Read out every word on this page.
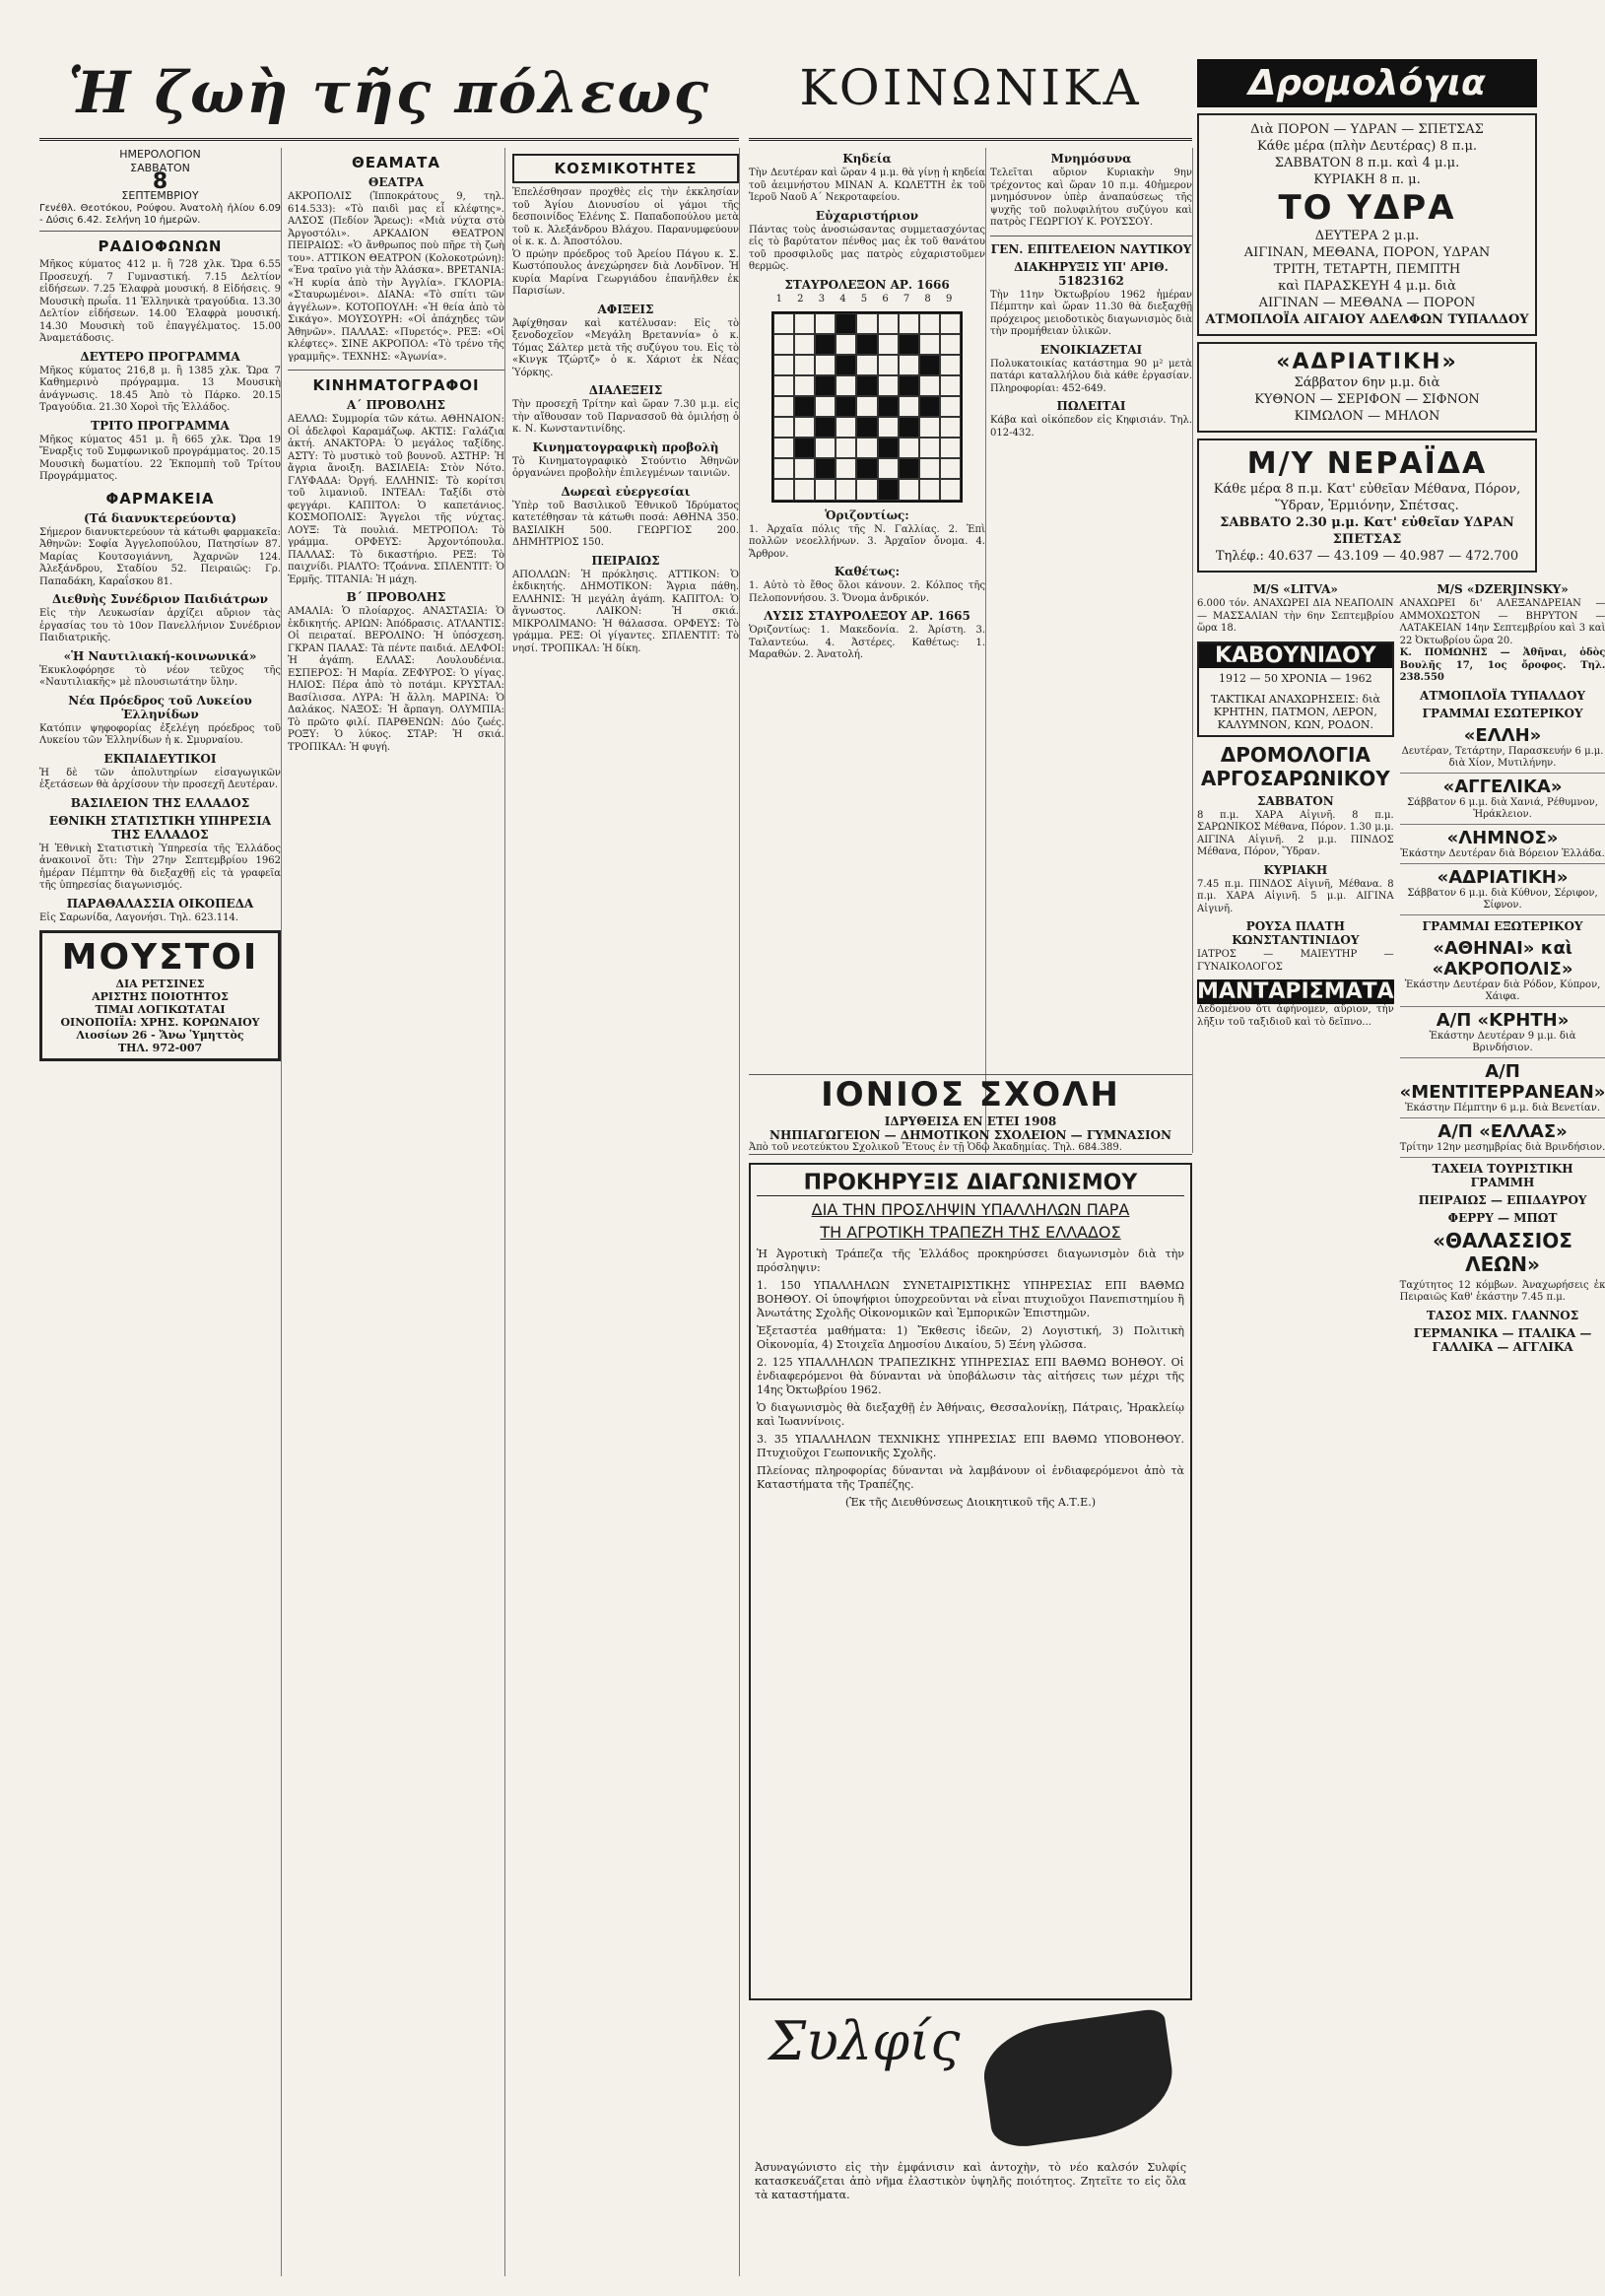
Ἡ ζωὴ τῆς πόλεως	ΚΟΙΝΩΝΙΚΑ
ΗΜΕΡΟΛΟΓΙΟΝ
ΣΑΒΒΑΤΟΝ
8
ΣΕΠΤΕΜΒΡΙΟΥ
Γενέθλ. Θεοτόκου, Ρούφου. Ἀνατολὴ ἡλίου 6.09 - Δύσις 6.42. Σελήνη 10 ἡμερῶν.
ΡΑΔΙΟΦΩΝΩΝ

Μῆκος κύματος 412 μ. ἢ 728 χλκ. Ὥρα 6.55 Προσευχή. 7 Γυμναστική. 7.15 Δελτίον εἰδήσεων. 7.25 Ἐλαφρὰ μουσική. 8 Εἰδήσεις. 9 Μουσικὴ πρωΐα. 11 Ἑλληνικὰ τραγούδια. 13.30 Δελτίον εἰδήσεων. 14.00 Ἐλαφρὰ μουσική. 14.30 Μουσικὴ τοῦ ἐπαγγέλματος. 15.00 Ἀναμετάδοσις.

ΔΕΥΤΕΡΟ ΠΡΟΓΡΑΜΜΑ

Μῆκος κύματος 216,8 μ. ἢ 1385 χλκ. Ὥρα 7 Καθημερινὸ πρόγραμμα. 13 Μουσικὴ ἀνάγνωσις. 18.45 Ἀπὸ τὸ Πάρκο. 20.15 Τραγούδια. 21.30 Χοροὶ τῆς Ἑλλάδος.

ΤΡΙΤΟ ΠΡΟΓΡΑΜΜΑ

Μῆκος κύματος 451 μ. ἢ 665 χλκ. Ὥρα 19 Ἔναρξις τοῦ Συμφωνικοῦ προγράμματος. 20.15 Μουσικὴ δωματίου. 22 Ἐκπομπὴ τοῦ Τρίτου Προγράμματος.

ΦΑΡΜΑΚΕΙΑ
(Τά διανυκτερεύοντα)

Σήμερον διανυκτερεύουν τὰ κάτωθι φαρμακεῖα: Ἀθηνῶν: Σοφία Ἀγγελοπούλου, Πατησίων 87. Μαρίας Κουτσογιάννη, Ἀχαρνῶν 124. Ἀλεξάνδρου, Σταδίου 52. Πειραιῶς: Γρ. Παπαδάκη, Καραΐσκου 81.

Διεθνὴς Συνέδριον Παιδιάτρων

Εἰς τὴν Λευκωσίαν ἀρχίζει αὔριον τὰς ἐργασίας του τὸ 10ον Πανελλήνιον Συνέδριον Παιδιατρικῆς.

«Ἡ Ναυτιλιακή-κοινωνικά»

Ἐκυκλοφόρησε τὸ νέον τεῦχος τῆς «Ναυτιλιακῆς» μὲ πλουσιωτάτην ὕλην.

Νέα Πρόεδρος τοῦ Λυκείου Ἑλληνίδων

Κατόπιν ψηφοφορίας ἐξελέγη πρόεδρος τοῦ Λυκείου τῶν Ἑλληνίδων ἡ κ. Σμυρναίου.

ΕΚΠΑΙΔΕΥΤΙΚΟΙ

Ἡ δὲ τῶν ἀπολυτηρίων εἰσαγωγικῶν ἐξετάσεων θὰ ἀρχίσουν τὴν προσεχῆ Δευτέραν.

ΒΑΣΙΛΕΙΟΝ ΤΗΣ ΕΛΛΑΔΟΣ
ΕΘΝΙΚΗ ΣΤΑΤΙΣΤΙΚΗ ΥΠΗΡΕΣΙΑ ΤΗΣ ΕΛΛΑΔΟΣ

Ἡ Ἐθνικὴ Στατιστικὴ Ὑπηρεσία τῆς Ἑλλάδος ἀνακοινοῖ ὅτι: Τὴν 27ην Σεπτεμβρίου 1962 ἡμέραν Πέμπτην θὰ διεξαχθῇ εἰς τὰ γραφεῖα τῆς ὑπηρεσίας διαγωνισμός.

ΠΑΡΑΘΑΛΑΣΣΙΑ ΟΙΚΟΠΕΔΑ

Εἰς Σαρωνίδα, Λαγονήσι. Τηλ. 623.114.

ΜΟΥΣΤΟΙ
ΔΙΑ ΡΕΤΣΙΝΕΣ
ΑΡΙΣΤΗΣ ΠΟΙΟΤΗΤΟΣ
ΤΙΜΑΙ ΛΟΓΙΚΩΤΑΤΑΙ
ΟΙΝΟΠΟΙΪΑ: ΧΡΗΣ. ΚΟΡΩΝΑΙΟΥ
Λιοσίων 26 - Ἄνω Ὑμηττὸς
ΤΗΛ. 972-007
ΘΕΑΜΑΤΑ
ΘΕΑΤΡΑ

ΑΚΡΟΠΟΛΙΣ (Ἱπποκράτους 9, τηλ. 614.533): «Τὸ παιδὶ μας εἶ κλέφτης». ΑΛΣΟΣ (Πεδίον Ἄρεως): «Μιὰ νύχτα στὸ Ἀργοστόλι». ΑΡΚΑΔΙΟΝ ΘΕΑΤΡΟΝ ΠΕΙΡΑΙΩΣ: «Ὁ ἄνθρωπος ποὺ πῆρε τὴ ζωὴ του». ΑΤΤΙΚΟΝ ΘΕΑΤΡΟΝ (Κολοκοτρώνη): «Ἐνα τραῖνο γιὰ τὴν Ἀλάσκα». ΒΡΕΤΑΝΙΑ: «Ἡ κυρία ἀπὸ τὴν Ἀγγλία». ΓΚΛΟΡΙΑ: «Σταυρωμένοι». ΔΙΑΝΑ: «Τὸ σπίτι τῶν ἀγγέλων». ΚΟΤΟΠΟΥΛΗ: «Ἡ θεία ἀπὸ τὸ Σικάγο». ΜΟΥΣΟΥΡΗ: «Οἱ ἀπάχηδες τῶν Ἀθηνῶν». ΠΑΛΛΑΣ: «Πυρετός». ΡΕΞ: «Οἱ κλέφτες». ΣΙΝΕ ΑΚΡΟΠΟΛ: «Τὸ τρένο τῆς γραμμῆς». ΤΕΧΝΗΣ: «Ἀγωνία».

ΚΙΝΗΜΑΤΟΓΡΑΦΟΙ
Α΄ ΠΡΟΒΟΛΗΣ

ΑΕΛΛΩ: Συμμορία τῶν κάτω. ΑΘΗΝΑΙΟΝ: Οἱ ἀδελφοὶ Καραμάζωφ. ΑΚΤΙΣ: Γαλάζια ἀκτή. ΑΝΑΚΤΟΡΑ: Ὁ μεγάλος ταξίδης. ΑΣΤΥ: Τὸ μυστικὸ τοῦ βουνοῦ. ΑΣΤΗΡ: Ἡ ἄγρια ἄνοιξη. ΒΑΣΙΛΕΙΑ: Στὸν Νότο. ΓΛΥΦΑΔΑ: Ὀργή. ΕΛΛΗΝΙΣ: Τὸ κορίτσι τοῦ λιμανιοῦ. ΙΝΤΕΑΛ: Ταξίδι στὸ φεγγάρι. ΚΑΠΙΤΟΛ: Ὁ καπετάνιος. ΚΟΣΜΟΠΟΛΙΣ: Ἄγγελοι τῆς νύχτας. ΛΟΥΞ: Τὰ πουλιά. ΜΕΤΡΟΠΟΛ: Τὸ γράμμα. ΟΡΦΕΥΣ: Ἀρχοντόπουλα. ΠΑΛΛΑΣ: Τὸ δικαστήριο. ΡΕΞ: Τὸ παιχνίδι. ΡΙΑΛΤΟ: Τζοάννα. ΣΠΛΕΝΤΙΤ: Ὁ Ἑρμῆς. ΤΙΤΑΝΙΑ: Ἡ μάχη.

Β΄ ΠΡΟΒΟΛΗΣ

ΑΜΑΛΙΑ: Ὁ πλοίαρχος. ΑΝΑΣΤΑΣΙΑ: Ὁ ἐκδικητής. ΑΡΙΩΝ: Ἀπόδρασις. ΑΤΛΑΝΤΙΣ: Οἱ πειραταί. ΒΕΡΟΛΙΝΟ: Ἡ ὑπόσχεση. ΓΚΡΑΝ ΠΑΛΑΣ: Τὰ πέντε παιδιά. ΔΕΛΦΟΙ: Ἡ ἀγάπη. ΕΛΛΑΣ: Λουλουδένια. ΕΣΠΕΡΟΣ: Ἡ Μαρία. ΖΕΦΥΡΟΣ: Ὁ γίγας. ΗΛΙΟΣ: Πέρα ἀπὸ τὸ ποτάμι. ΚΡΥΣΤΑΛ: Βασίλισσα. ΛΥΡΑ: Ἡ ἄλλη. ΜΑΡΙΝΑ: Ὁ Δαλάκος. ΝΑΞΟΣ: Ἡ ἄρπαγη. ΟΛΥΜΠΙΑ: Τὸ πρῶτο φιλί. ΠΑΡΘΕΝΩΝ: Δύο ζωές. ΡΟΞΥ: Ὁ λύκος. ΣΤΑΡ: Ἡ σκιά. ΤΡΟΠΙΚΑΛ: Ἡ φυγή.

ΚΟΣΜΙΚΟΤΗΤΕΣ

Ἐπελέσθησαν προχθὲς εἰς τὴν ἐκκλησίαν τοῦ Ἁγίου Διονυσίου οἱ γάμοι τῆς δεσποινίδος Ἑλένης Σ. Παπαδοπούλου μετὰ τοῦ κ. Ἀλεξάνδρου Βλάχου. Παρανυμφεύουν οἱ κ. κ. Δ. Ἀποστόλου.

Ὁ πρώην πρόεδρος τοῦ Ἀρείου Πάγου κ. Σ. Κωστόπουλος ἀνεχώρησεν διὰ Λονδῖνον. Ἡ κυρία Μαρίνα Γεωργιάδου ἐπανῆλθεν ἐκ Παρισίων.

ΑΦΙΞΕΙΣ

Ἀφίχθησαν καὶ κατέλυσαν: Εἰς τὸ ξενοδοχεῖον «Μεγάλη Βρεταννία» ὁ κ. Τόμας Σάλτερ μετὰ τῆς συζύγου του. Εἰς τὸ «Κινγκ Τζώρτζ» ὁ κ. Χάριοτ ἐκ Νέας Ὑόρκης.

ΔΙΑΛΕΞΕΙΣ

Τὴν προσεχῆ Τρίτην καὶ ὥραν 7.30 μ.μ. εἰς τὴν αἴθουσαν τοῦ Παρνασσοῦ θὰ ὁμιλήσῃ ὁ κ. Ν. Κωνσταντινίδης.

Κινηματογραφικὴ προβολὴ

Τὸ Κινηματογραφικὸ Στούντιο Ἀθηνῶν ὀργανώνει προβολὴν ἐπιλεγμένων ταινιῶν.

Δωρεαὶ εὐεργεσίαι

Ὑπὲρ τοῦ Βασιλικοῦ Ἐθνικοῦ Ἱδρύματος κατετέθησαν τὰ κάτωθι ποσά: ΑΘΗΝΑ 350. ΒΑΣΙΛΙΚΗ 500. ΓΕΩΡΓΙΟΣ 200. ΔΗΜΗΤΡΙΟΣ 150.

ΠΕΙΡΑΙΩΣ

ΑΠΟΛΛΩΝ: Ἡ πρόκλησις. ΑΤΤΙΚΟΝ: Ὁ ἐκδικητής. ΔΗΜΟΤΙΚΟΝ: Ἄγρια πάθη. ΕΛΛΗΝΙΣ: Ἡ μεγάλη ἀγάπη. ΚΑΠΙΤΟΛ: Ὁ ἄγνωστος. ΛΑΙΚΟΝ: Ἡ σκιά. ΜΙΚΡΟΛΙΜΑΝΟ: Ἡ θάλασσα. ΟΡΦΕΥΣ: Τὸ γράμμα. ΡΕΞ: Οἱ γίγαντες. ΣΠΛΕΝΤΙΤ: Τὸ νησί. ΤΡΟΠΙΚΑΛ: Ἡ δίκη.

Κηδεία

Τὴν Δευτέραν καὶ ὥραν 4 μ.μ. θὰ γίνῃ ἡ κηδεία τοῦ ἀειμνήστου ΜΙΝΑΝ Α. ΚΩΛΕΤΤΗ ἐκ τοῦ Ἱεροῦ Ναοῦ Α΄ Νεκροταφείου.

Εὐχαριστήριον

Πάντας τοὺς ἀνοσιώσαντας συμμετασχόντας εἰς τὸ βαρύτατον πένθος μας ἐκ τοῦ θανάτου τοῦ προσφιλοῦς μας πατρὸς εὐχαριστοῦμεν θερμῶς.

ΣΤΑΥΡΟΛΕΞΟΝ ΑΡ. 1666
1 2 3 4 5 6 7 8 9
Ὁριζοντίως:

1. Ἀρχαῖα πόλις τῆς Ν. Γαλλίας. 2. Ἐπὶ πολλῶν νεοελλήνων. 3. Ἀρχαῖον ὄνομα. 4. Ἄρθρον.

Καθέτως:

1. Αὐτὸ τὸ ἔθος ὅλοι κάνουν. 2. Κόλπος τῆς Πελοποννήσου. 3. Ὄνομα ἀνδρικόν.

ΛΥΣΙΣ ΣΤΑΥΡΟΛΕΞΟΥ ΑΡ. 1665

Ὁριζοντίως: 1. Μακεδονία. 2. Ἀρίστη. 3. Ταλαντεύω. 4. Ἀστέρες. Καθέτως: 1. Μαραθών. 2. Ἀνατολή.

Μνημόσυνα

Τελεῖται αὔριον Κυριακὴν 9ην τρέχοντος καὶ ὥραν 10 π.μ. 40ἡμερον μνημόσυνον ὑπὲρ ἀναπαύσεως τῆς ψυχῆς τοῦ πολυφιλήτου συζύγου καὶ πατρὸς ΓΕΩΡΓΙΟΥ Κ. ΡΟΥΣΣΟΥ.

ΓΕΝ. ΕΠΙΤΕΛΕΙΟΝ ΝΑΥΤΙΚΟΥ
ΔΙΑΚΗΡΥΞΙΣ ΥΠ' ΑΡΙΘ. 51823162

Τὴν 11ην Ὀκτωβρίου 1962 ἡμέραν Πέμπτην καὶ ὥραν 11.30 θὰ διεξαχθῇ πρόχειρος μειοδοτικὸς διαγωνισμὸς διὰ τὴν προμήθειαν ὑλικῶν.

ΕΝΟΙΚΙΑΖΕΤΑΙ

Πολυκατοικίας κατάστημα 90 μ² μετὰ πατάρι καταλλήλου διὰ κάθε ἐργασίαν. Πληροφορίαι: 452-649.

ΠΩΛΕΙΤΑΙ

Κάβα καὶ οἰκόπεδον εἰς Κηφισιάν. Τηλ. 012-432.

ΙΟΝΙΟΣ ΣΧΟΛΗ
ΙΔΡΥΘΕΙΣΑ ΕΝ ΕΤΕΙ 1908
ΝΗΠΙΑΓΩΓΕΙΟΝ — ΔΗΜΟΤΙΚΟΝ ΣΧΟΛΕΙΟΝ — ΓΥΜΝΑΣΙΟΝ
Ἀπὸ τοῦ νεοτεύκτου Σχολικοῦ Ἔτους ἐν τῇ Ὁδῷ Ἀκαδημίας. Τηλ. 684.389.
ΠΡΟΚΗΡΥΞΙΣ ΔΙΑΓΩΝΙΣΜΟΥ
ΔΙΑ ΤΗΝ ΠΡΟΣΛΗΨΙΝ ΥΠΑΛΛΗΛΩΝ ΠΑΡΑ
ΤΗ ΑΓΡΟΤΙΚΗ ΤΡΑΠΕΖΗ ΤΗΣ ΕΛΛΑΔΟΣ

Ἡ Ἀγροτικὴ Τράπεζα τῆς Ἑλλάδος προκηρύσσει διαγωνισμὸν διὰ τὴν πρόσληψιν:

1. 150 ΥΠΑΛΛΗΛΩΝ ΣΥΝΕΤΑΙΡΙΣΤΙΚΗΣ ΥΠΗΡΕΣΙΑΣ ΕΠΙ ΒΑΘΜΩ ΒΟΗΘΟΥ. Οἱ ὑποψήφιοι ὑποχρεοῦνται νὰ εἶναι πτυχιοῦχοι Πανεπιστημίου ἢ Ἀνωτάτης Σχολῆς Οἰκονομικῶν καὶ Ἐμπορικῶν Ἐπιστημῶν.

Ἐξεταστέα μαθήματα: 1) Ἔκθεσις ἰδεῶν, 2) Λογιστική, 3) Πολιτικὴ Οἰκονομία, 4) Στοιχεῖα Δημοσίου Δικαίου, 5) Ξένη γλῶσσα.

2. 125 ΥΠΑΛΛΗΛΩΝ ΤΡΑΠΕΖΙΚΗΣ ΥΠΗΡΕΣΙΑΣ ΕΠΙ ΒΑΘΜΩ ΒΟΗΘΟΥ. Οἱ ἐνδιαφερόμενοι θὰ δύνανται νὰ ὑποβάλωσιν τὰς αἰτήσεις των μέχρι τῆς 14ης Ὀκτωβρίου 1962.

Ὁ διαγωνισμὸς θὰ διεξαχθῇ ἐν Ἀθήναις, Θεσσαλονίκῃ, Πάτραις, Ἡρακλείῳ καὶ Ἰωαννίνοις.

3. 35 ΥΠΑΛΛΗΛΩΝ ΤΕΧΝΙΚΗΣ ΥΠΗΡΕΣΙΑΣ ΕΠΙ ΒΑΘΜΩ ΥΠΟΒΟΗΘΟΥ. Πτυχιοῦχοι Γεωπονικῆς Σχολῆς.

Πλείονας πληροφορίας δύνανται νὰ λαμβάνουν οἱ ἐνδιαφερόμενοι ἀπὸ τὰ Καταστήματα τῆς Τραπέζης.

(Ἐκ τῆς Διευθύνσεως Διοικητικοῦ τῆς Α.Τ.Ε.)

Συλφίς

Ἀσυναγώνιστο εἰς τὴν ἐμφάνισιν καὶ ἀντοχὴν, τὸ νέο καλσόν Συλφίς κατασκευάζεται ἀπὸ νῆμα ἐλαστικὸν ὑψηλῆς ποιότητος. Ζητεῖτε το εἰς ὅλα τὰ καταστήματα.

Δρομολόγια
Διὰ ΠΟΡΟΝ — ΥΔΡΑΝ — ΣΠΕΤΣΑΣ
Κάθε μέρα (πλὴν Δευτέρας) 8 π.μ.
ΣΑΒΒΑΤΟΝ 8 π.μ. καὶ 4 μ.μ.
ΚΥΡΙΑΚΗ 8 π. μ.
ΤΟ ΥΔΡΑ
ΔΕΥΤΕΡΑ 2 μ.μ.
ΑΙΓΙΝΑΝ, ΜΕΘΑΝΑ, ΠΟΡΟΝ, ΥΔΡΑΝ
ΤΡΙΤΗ, ΤΕΤΑΡΤΗ, ΠΕΜΠΤΗ
καὶ ΠΑΡΑΣΚΕΥΗ 4 μ.μ. διὰ
ΑΙΓΙΝΑΝ — ΜΕΘΑΝΑ — ΠΟΡΟΝ
ΑΤΜΟΠΛΟΪΑ ΑΙΓΑΙΟΥ ΑΔΕΛΦΩΝ ΤΥΠΑΛΔΟΥ
«ΑΔΡΙΑΤΙΚΗ»
Σάββατον 6ην μ.μ. διὰ
ΚΥΘΝΟΝ — ΣΕΡΙΦΟΝ — ΣΙΦΝΟΝ
ΚΙΜΩΛΟΝ — ΜΗΛΟΝ
Μ/Υ ΝΕΡΑΪΔΑ
Κάθε μέρα 8 π.μ. Κατ' εὐθεῖαν Μέθανα, Πόρον, Ὕδραν, Ἑρμιόνην, Σπέτσας.
ΣΑΒΒΑΤΟ 2.30 μ.μ. Κατ' εὐθεῖαν ΥΔΡΑΝ ΣΠΕΤΣΑΣ
Τηλέφ.: 40.637 — 43.109 — 40.987 — 472.700
M/S «LITVA»

6.000 τόν. ΑΝΑΧΩΡΕΙ ΔΙΑ ΝΕΑΠΟΛΙΝ — ΜΑΣΣΑΛΙΑΝ τὴν 6ην Σεπτεμβρίου ὥρα 18.

ΚΑΒΟΥΝΙΔΟΥ
1912 — 50 ΧΡΟΝΙΑ — 1962
ΤΑΚΤΙΚΑΙ ΑΝΑΧΩΡΗΣΕΙΣ: διὰ ΚΡΗΤΗΝ, ΠΑΤΜΟΝ, ΛΕΡΟΝ, ΚΑΛΥΜΝΟΝ, ΚΩΝ, ΡΟΔΟΝ.
ΔΡΟΜΟΛΟΓΙΑ ΑΡΓΟΣΑΡΩΝΙΚΟΥ
ΣΑΒΒΑΤΟΝ

8 π.μ. ΧΑΡΑ Αἰγινῆ. 8 π.μ. ΣΑΡΩΝΙΚΟΣ Μέθανα, Πόρον. 1.30 μ.μ. ΑΙΓΙΝΑ Αἰγινῆ. 2 μ.μ. ΠΙΝΔΟΣ Μέθανα, Πόρον, Ὕδραν.

ΚΥΡΙΑΚΗ

7.45 π.μ. ΠΙΝΔΟΣ Αἰγινῆ, Μέθανα. 8 π.μ. ΧΑΡΑ Αἰγινῆ. 5 μ.μ. ΑΙΓΙΝΑ Αἰγινῆ.

ΡΟΥΣΑ ΠΛΑΤΗ ΚΩΝΣΤΑΝΤΙΝΙΔΟΥ

ΙΑΤΡΟΣ — ΜΑΙΕΥΤΗΡ — ΓΥΝΑΙΚΟΛΟΓΟΣ

ΜΑΝΤΑΡΙΣΜΑΤΑ

Δεδομένου ὅτι ἀφήνομεν, αὔριον, τὴν λῆξιν τοῦ ταξιδιοῦ καὶ τὸ δεῖπνο...

M/S «DZERJINSKY»

ΑΝΑΧΩΡΕΙ δι' ΑΛΕΞΑΝΔΡΕΙΑΝ — ΑΜΜΟΧΩΣΤΟΝ — ΒΗΡΥΤΟΝ — ΛΑΤΑΚΕΙΑΝ 14ην Σεπτεμβρίου καὶ 3 καὶ 22 Ὀκτωβρίου ὥρα 20.

Κ. ΠΟΜΩΝΗΣ — Ἀθῆναι, ὁδὸς Βουλῆς 17, 1ος ὄροφος. Τηλ. 238.550

ΑΤΜΟΠΛΟΪΑ ΤΥΠΑΛΔΟΥ
ΓΡΑΜΜΑΙ ΕΣΩΤΕΡΙΚΟΥ
«ΕΛΛΗ»
Δευτέραν, Τετάρτην, Παρασκευήν 6 μ.μ. διὰ Χίον, Μυτιλήνην.
«ΑΓΓΕΛΙΚΑ»
Σάββατον 6 μ.μ. διὰ Χανιά, Ρέθυμνον, Ἡράκλειον.
«ΛΗΜΝΟΣ»
Ἐκάστην Δευτέραν διὰ Βόρειον Ἑλλάδα.
«ΑΔΡΙΑΤΙΚΗ»
Σάββατον 6 μ.μ. διὰ Κύθνον, Σέριφον, Σίφνον.
ΓΡΑΜΜΑΙ ΕΞΩΤΕΡΙΚΟΥ
«ΑΘΗΝΑΙ» καὶ «ΑΚΡΟΠΟΛΙΣ»
Ἐκάστην Δευτέραν διὰ Ρόδον, Κύπρον, Χάιφα.
Α/Π «ΚΡΗΤΗ»
Ἐκάστην Δευτέραν 9 μ.μ. διὰ Βρινδήσιον.
Α/Π «ΜΕΝΤΙΤΕΡΡΑΝΕΑΝ»
Ἐκάστην Πέμπτην 6 μ.μ. διὰ Βενετίαν.
Α/Π «ΕΛΛΑΣ»
Τρίτην 12ην μεσημβρίας διὰ Βρινδήσιον.
ΤΑΧΕΙΑ ΤΟΥΡΙΣΤΙΚΗ ΓΡΑΜΜΗ
ΠΕΙΡΑΙΩΣ — ΕΠΙΔΑΥΡΟΥ
ΦΕΡΡΥ — ΜΠΩΤ
«ΘΑΛΑΣΣΙΟΣ ΛΕΩΝ»

Ταχύτητος 12 κόμβων. Ἀναχωρήσεις ἐκ Πειραιῶς Καθ' ἑκάστην 7.45 π.μ.

ΤΑΣΟΣ ΜΙΧ. ΓΛΑΝΝΟΣ
ΓΕΡΜΑΝΙΚΑ — ΙΤΑΛΙΚΑ — ΓΑΛΛΙΚΑ — ΑΓΓΛΙΚΑ
